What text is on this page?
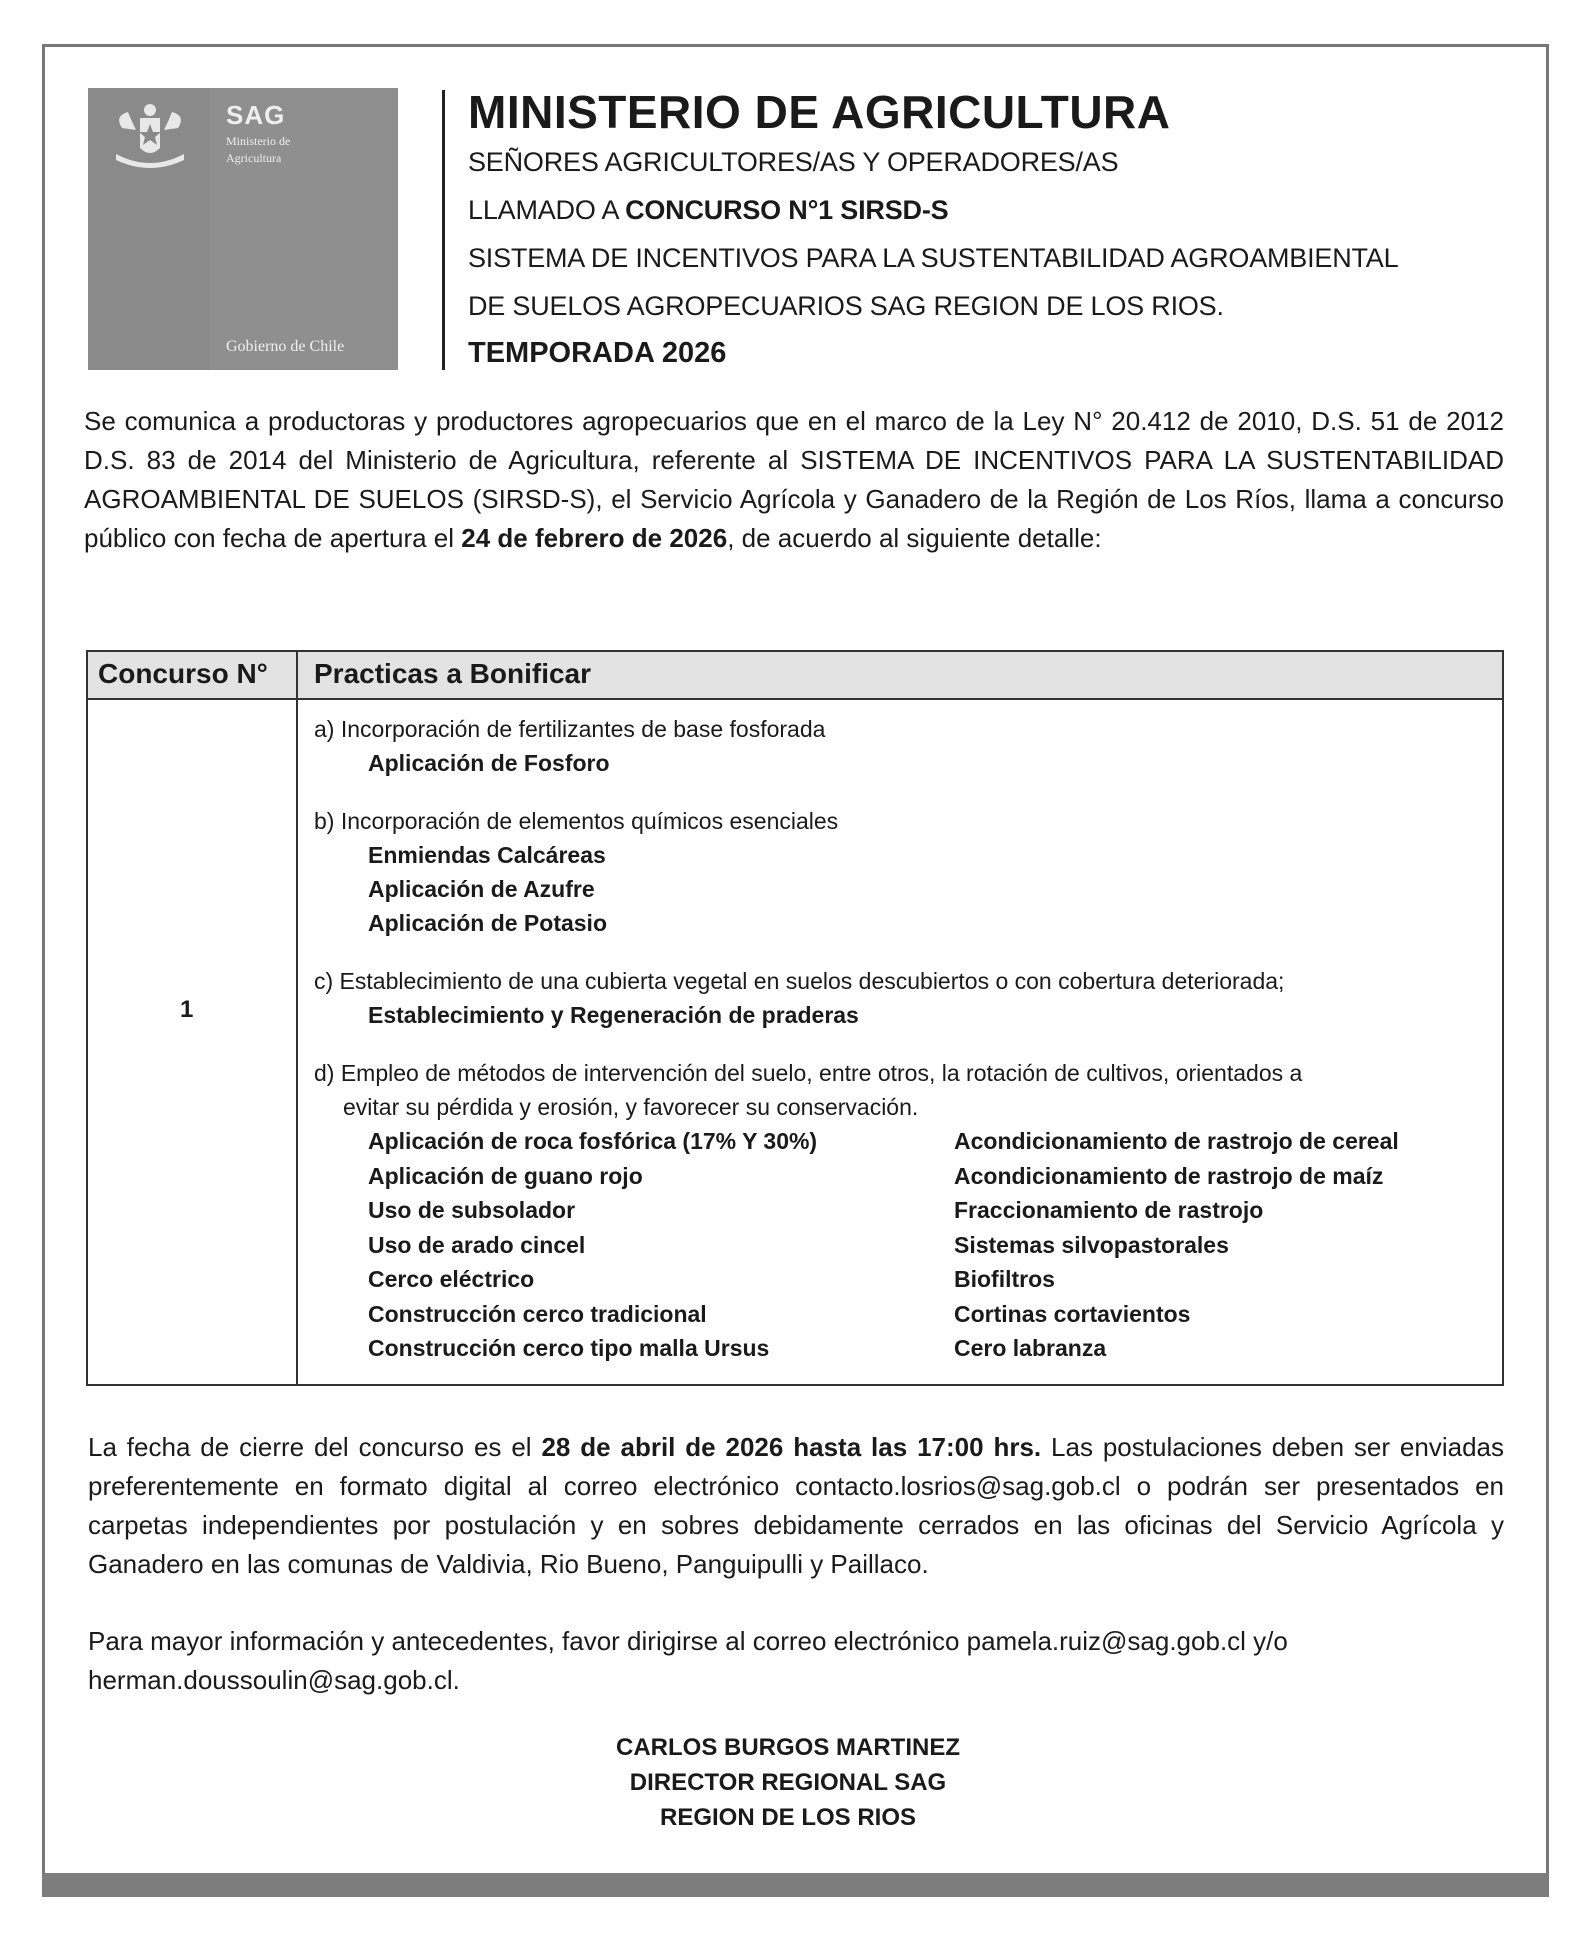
SAG
Ministerio de
Agricultura
Gobierno de Chile
MINISTERIO DE AGRICULTURA
SEÑORES AGRICULTORES/AS Y OPERADORES/AS
LLAMADO A CONCURSO N°1 SIRSD-S
SISTEMA DE INCENTIVOS PARA LA SUSTENTABILIDAD AGROAMBIENTAL
DE SUELOS AGROPECUARIOS SAG REGION DE LOS RIOS.
TEMPORADA 2026
Se comunica a productoras y productores agropecuarios que en el marco de la Ley N° 20.412 de 2010, D.S. 51 de 2012 D.S. 83 de 2014 del Ministerio de Agricultura, referente al SISTEMA DE INCENTIVOS PARA LA SUSTENTABILIDAD AGROAMBIENTAL DE SUELOS (SIRSD-S), el Servicio Agrícola y Ganadero de la Región de Los Ríos, llama a concurso público con fecha de apertura el 24 de febrero de 2026, de acuerdo al siguiente detalle:
Concurso N° Practicas a Bonificar
1
a) Incorporación de fertilizantes de base fosforada
Aplicación de Fosforo
b) Incorporación de elementos químicos esenciales
Enmiendas Calcáreas
Aplicación de Azufre
Aplicación de Potasio
c) Establecimiento de una cubierta vegetal en suelos descubiertos o con cobertura deteriorada;
Establecimiento y Regeneración de praderas
d) Empleo de métodos de intervención del suelo, entre otros, la rotación de cultivos, orientados a
evitar su pérdida y erosión, y favorecer su conservación.
Aplicación de roca fosfórica (17% Y 30%)
Aplicación de guano rojo
Uso de subsolador
Uso de arado cincel
Cerco eléctrico
Construcción cerco tradicional
Construcción cerco tipo malla Ursus
Acondicionamiento de rastrojo de cereal
Acondicionamiento de rastrojo de maíz
Fraccionamiento de rastrojo
Sistemas silvopastorales
Biofiltros
Cortinas cortavientos
Cero labranza
La fecha de cierre del concurso es el 28 de abril de 2026 hasta las 17:00 hrs. Las postulaciones deben ser enviadas preferentemente en formato digital al correo electrónico contacto.losrios@sag.gob.cl o podrán ser presentados en carpetas independientes por postulación y en sobres debidamente cerrados en las oficinas del Servicio Agrícola y Ganadero en las comunas de Valdivia, Rio Bueno, Panguipulli y Paillaco.
Para mayor información y antecedentes, favor dirigirse al correo electrónico pamela.ruiz@sag.gob.cl y/o herman.doussoulin@sag.gob.cl.
CARLOS BURGOS MARTINEZ
DIRECTOR REGIONAL SAG
REGION DE LOS RIOS
